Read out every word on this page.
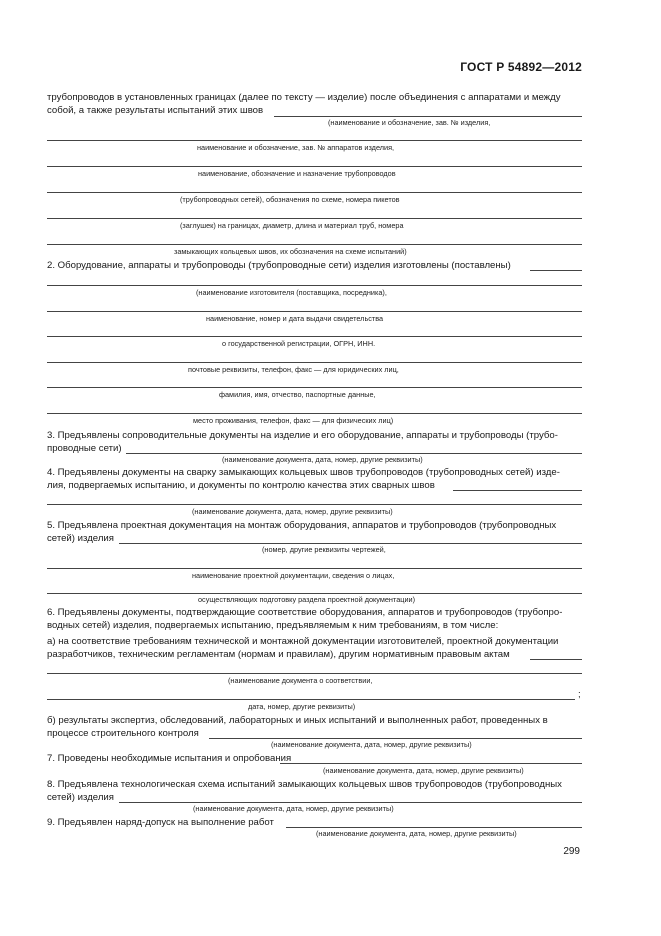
ГОСТ Р 54892—2012
трубопроводов в установленных границах (далее по тексту — изделие) после объединения с аппаратами и между
собой, а также результаты испытаний этих швов
(наименование и обозначение, зав. № изделия,
наименование и обозначение, зав. № аппаратов изделия,
наименование, обозначение и назначение трубопроводов
(трубопроводных сетей), обозначения по схеме, номера пикетов
(заглушек) на границах, диаметр, длина и материал труб, номера
замыкающих кольцевых швов, их обозначения на схеме испытаний)
2. Оборудование, аппараты и трубопроводы (трубопроводные сети) изделия изготовлены (поставлены)
(наименование изготовителя (поставщика, посредника),
наименование, номер и дата выдачи свидетельства
о государственной регистрации, ОГРН, ИНН.
почтовые реквизиты, телефон, факс — для юридических лиц,
фамилия, имя, отчество, паспортные данные,
место проживания, телефон, факс — для физических лиц)
3. Предъявлены сопроводительные документы на изделие и его оборудование, аппараты и трубопроводы (трубо-
проводные сети)
(наименование документа, дата, номер, другие реквизиты)
4. Предъявлены документы на сварку замыкающих кольцевых швов трубопроводов (трубопроводных сетей) изде-
лия, подвергаемых испытанию, и документы по контролю качества этих сварных швов
(наименование документа, дата, номер, другие реквизиты)
5. Предъявлена проектная документация на монтаж оборудования, аппаратов и трубопроводов (трубопроводных
сетей) изделия
(номер, другие реквизиты чертежей,
наименование проектной документации, сведения о лицах,
осуществляющих подготовку раздела проектной документации)
6. Предъявлены документы, подтверждающие соответствие оборудования, аппаратов и трубопроводов (трубопро-
водных сетей) изделия, подвергаемых испытанию, предъявляемым к ним требованиям, в том числе:
а) на соответствие требованиям технической и монтажной документации изготовителей, проектной документации
разработчиков, техническим регламентам (нормам и правилам), другим нормативным правовым актам
(наименование документа о соответствии,
;
дата, номер, другие реквизиты)
б) результаты экспертиз, обследований, лабораторных и иных испытаний и выполненных работ, проведенных в
процессе строительного контроля
(наименование документа, дата, номер, другие реквизиты)
7. Проведены необходимые испытания и опробования
(наименование документа, дата, номер, другие реквизиты)
8. Предъявлена технологическая схема испытаний замыкающих кольцевых швов трубопроводов (трубопроводных
сетей) изделия
(наименование документа, дата, номер, другие реквизиты)
9. Предъявлен наряд-допуск на выполнение работ
(наименование документа, дата, номер, другие реквизиты)
299
